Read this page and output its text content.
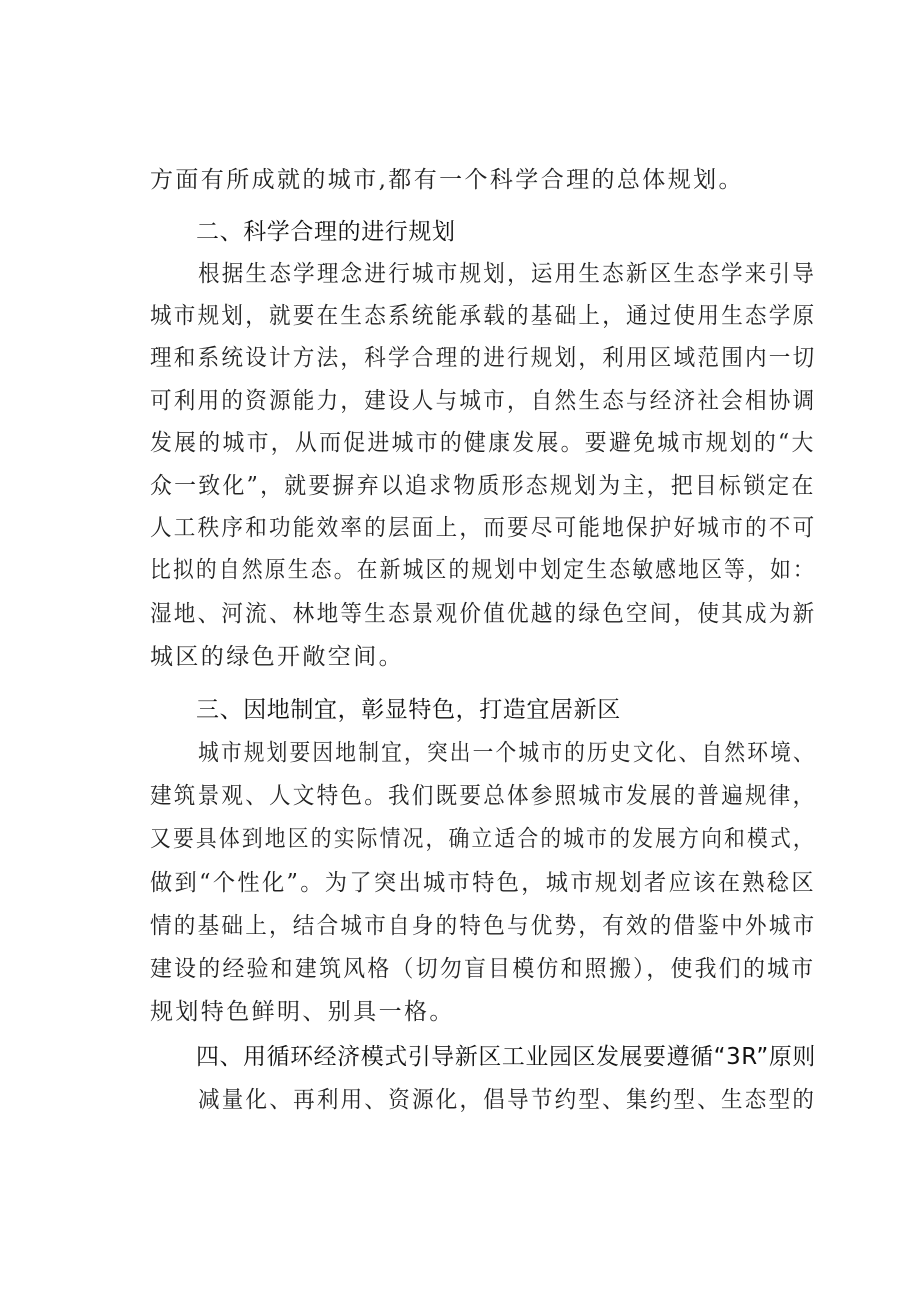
方面有所成就的城市,都有一个科学合理的总体规划。
二、科学合理的进行规划
根据生态学理念进行城市规划，运用生态新区生态学来引导
城市规划，就要在生态系统能承载的基础上，通过使用生态学原
理和系统设计方法，科学合理的进行规划，利用区域范围内一切
可利用的资源能力，建设人与城市，自然生态与经济社会相协调
发展的城市，从而促进城市的健康发展。要避免城市规划的“大
众一致化”，就要摒弃以追求物质形态规划为主，把目标锁定在
人工秩序和功能效率的层面上，而要尽可能地保护好城市的不可
比拟的自然原生态。在新城区的规划中划定生态敏感地区等，如：
湿地、河流、林地等生态景观价值优越的绿色空间，使其成为新
城区的绿色开敞空间。
三、因地制宜，彰显特色，打造宜居新区
城市规划要因地制宜，突出一个城市的历史文化、自然环境、
建筑景观、人文特色。我们既要总体参照城市发展的普遍规律，
又要具体到地区的实际情况，确立适合的城市的发展方向和模式，
做到“个性化”。为了突出城市特色，城市规划者应该在熟稔区
情的基础上，结合城市自身的特色与优势，有效的借鉴中外城市
建设的经验和建筑风格（切勿盲目模仿和照搬），使我们的城市
规划特色鲜明、别具一格。
四、用循环经济模式引导新区工业园区发展要遵循“3R”原则
减量化、再利用、资源化，倡导节约型、集约型、生态型的
